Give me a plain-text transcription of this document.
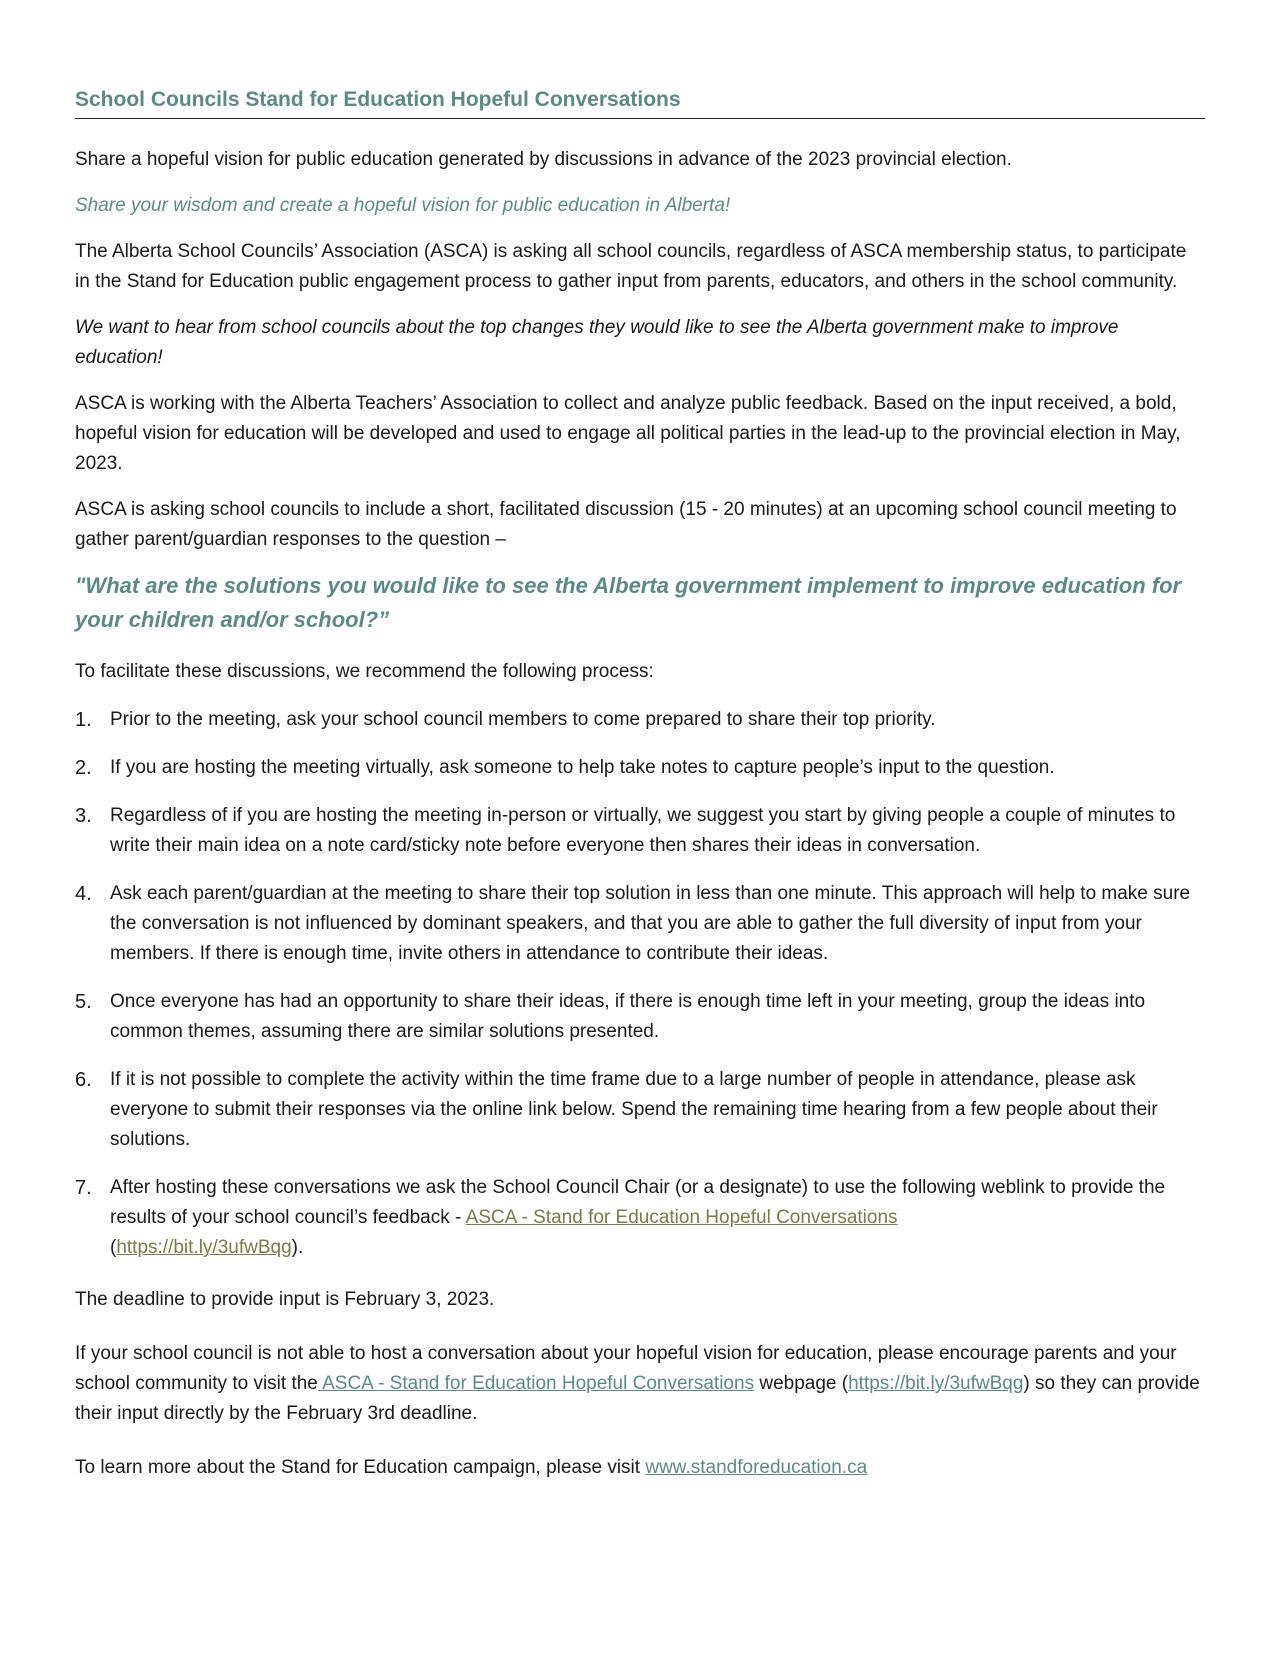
School Councils Stand for Education Hopeful Conversations

Share a hopeful vision for public education generated by discussions in advance of the 2023 provincial election.

Share your wisdom and create a hopeful vision for public education in Alberta!

The Alberta School Councils’ Association (ASCA) is asking all school councils, regardless of ASCA membership status, to participate in the Stand for Education public engagement process to gather input from parents, educators, and others in the school community.

We want to hear from school councils about the top changes they would like to see the Alberta government make to improve education!

ASCA is working with the Alberta Teachers’ Association to collect and analyze public feedback. Based on the input received, a bold, hopeful vision for education will be developed and used to engage all political parties in the lead-up to the provincial election in May, 2023.

ASCA is asking school councils to include a short, facilitated discussion (15 - 20 minutes) at an upcoming school council meeting to gather parent/guardian responses to the question –

"What are the solutions you would like to see the Alberta government implement to improve education for your children and/or school?”

To facilitate these discussions, we recommend the following process:

1. Prior to the meeting, ask your school council members to come prepared to share their top priority.
2. If you are hosting the meeting virtually, ask someone to help take notes to capture people’s input to the question.
3. Regardless of if you are hosting the meeting in-person or virtually, we suggest you start by giving people a couple of minutes to write their main idea on a note card/sticky note before everyone then shares their ideas in conversation.
4. Ask each parent/guardian at the meeting to share their top solution in less than one minute. This approach will help to make sure the conversation is not influenced by dominant speakers, and that you are able to gather the full diversity of input from your members. If there is enough time, invite others in attendance to contribute their ideas.
5. Once everyone has had an opportunity to share their ideas, if there is enough time left in your meeting, group the ideas into common themes, assuming there are similar solutions presented.
6. If it is not possible to complete the activity within the time frame due to a large number of people in attendance, please ask everyone to submit their responses via the online link below. Spend the remaining time hearing from a few people about their solutions.
7. After hosting these conversations we ask the School Council Chair (or a designate) to use the following weblink to provide the results of your school council’s feedback - ASCA - Stand for Education Hopeful Conversations
(https://bit.ly/3ufwBqg).

The deadline to provide input is February 3, 2023.

If your school council is not able to host a conversation about your hopeful vision for education, please encourage parents and your school community to visit the ASCA - Stand for Education Hopeful Conversations webpage (https://bit.ly/3ufwBqg) so they can provide their input directly by the February 3rd deadline.

To learn more about the Stand for Education campaign, please visit www.standforeducation.ca
